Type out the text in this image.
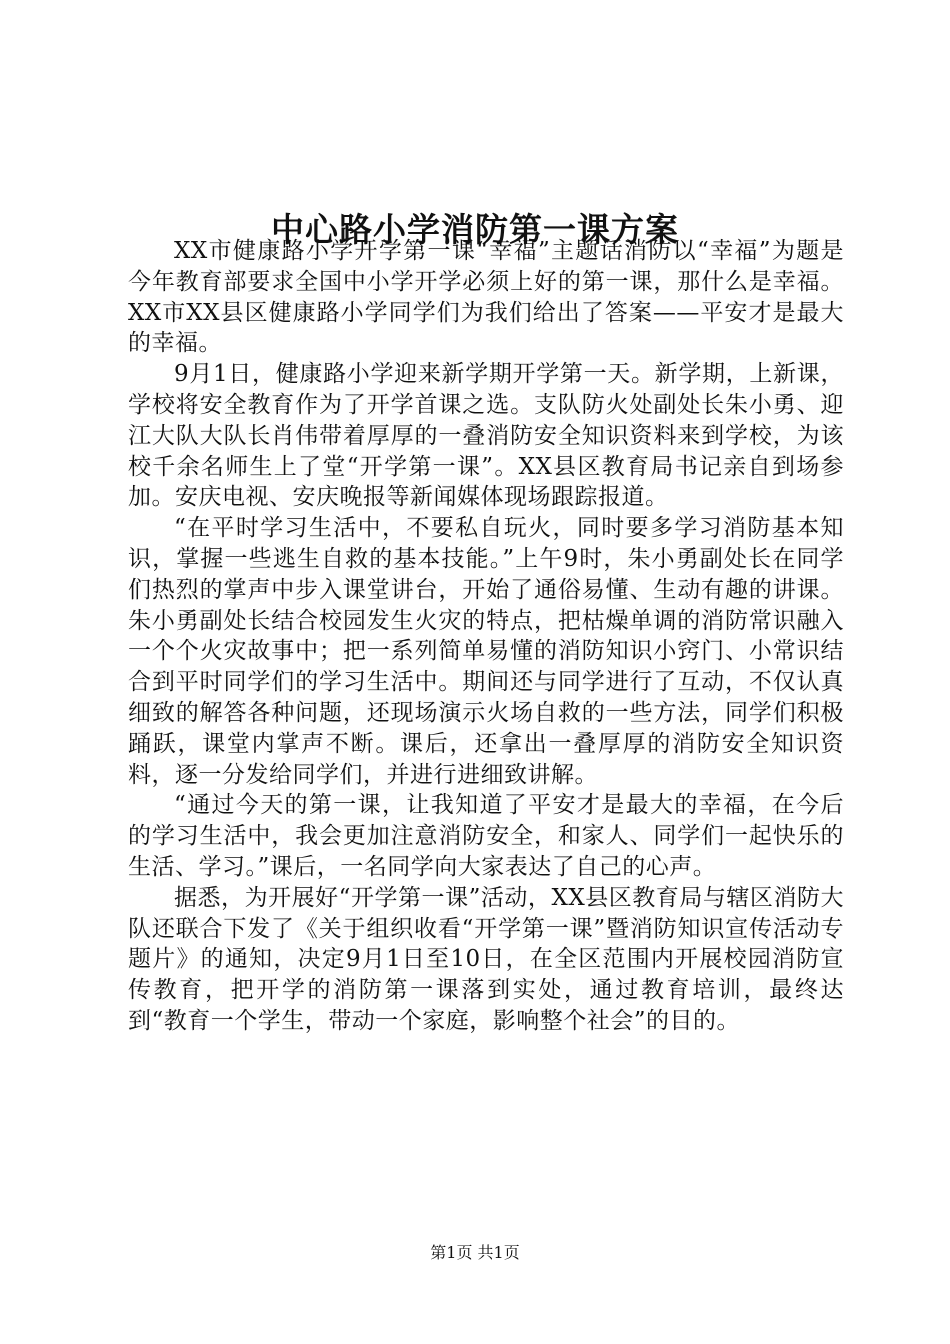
中心路小学消防第一课方案

XX市健康路小学开学第一课“幸福”主题话消防以“幸福”为题是今年教育部要求全国中小学开学必须上好的第一课，那什么是幸福。XX市XX县区健康路小学同学们为我们给出了答案——平安才是最大的幸福。

9月1日，健康路小学迎来新学期开学第一天。新学期，上新课，学校将安全教育作为了开学首课之选。支队防火处副处长朱小勇、迎江大队大队长肖伟带着厚厚的一叠消防安全知识资料来到学校，为该校千余名师生上了堂“开学第一课”。XX县区教育局书记亲自到场参加。安庆电视、安庆晚报等新闻媒体现场跟踪报道。

“在平时学习生活中，不要私自玩火，同时要多学习消防基本知识，掌握一些逃生自救的基本技能。”上午9时，朱小勇副处长在同学们热烈的掌声中步入课堂讲台，开始了通俗易懂、生动有趣的讲课。朱小勇副处长结合校园发生火灾的特点，把枯燥单调的消防常识融入一个个火灾故事中；把一系列简单易懂的消防知识小窍门、小常识结合到平时同学们的学习生活中。期间还与同学进行了互动，不仅认真细致的解答各种问题，还现场演示火场自救的一些方法，同学们积极踊跃，课堂内掌声不断。课后，还拿出一叠厚厚的消防安全知识资料，逐一分发给同学们，并进行进细致讲解。

“通过今天的第一课，让我知道了平安才是最大的幸福，在今后的学习生活中，我会更加注意消防安全，和家人、同学们一起快乐的生活、学习。”课后，一名同学向大家表达了自己的心声。

据悉，为开展好“开学第一课”活动，XX县区教育局与辖区消防大队还联合下发了《关于组织收看“开学第一课”暨消防知识宣传活动专题片》的通知，决定9月1日至10日，在全区范围内开展校园消防宣传教育，把开学的消防第一课落到实处，通过教育培训，最终达到“教育一个学生，带动一个家庭，影响整个社会”的目的。

第1页 共1页
